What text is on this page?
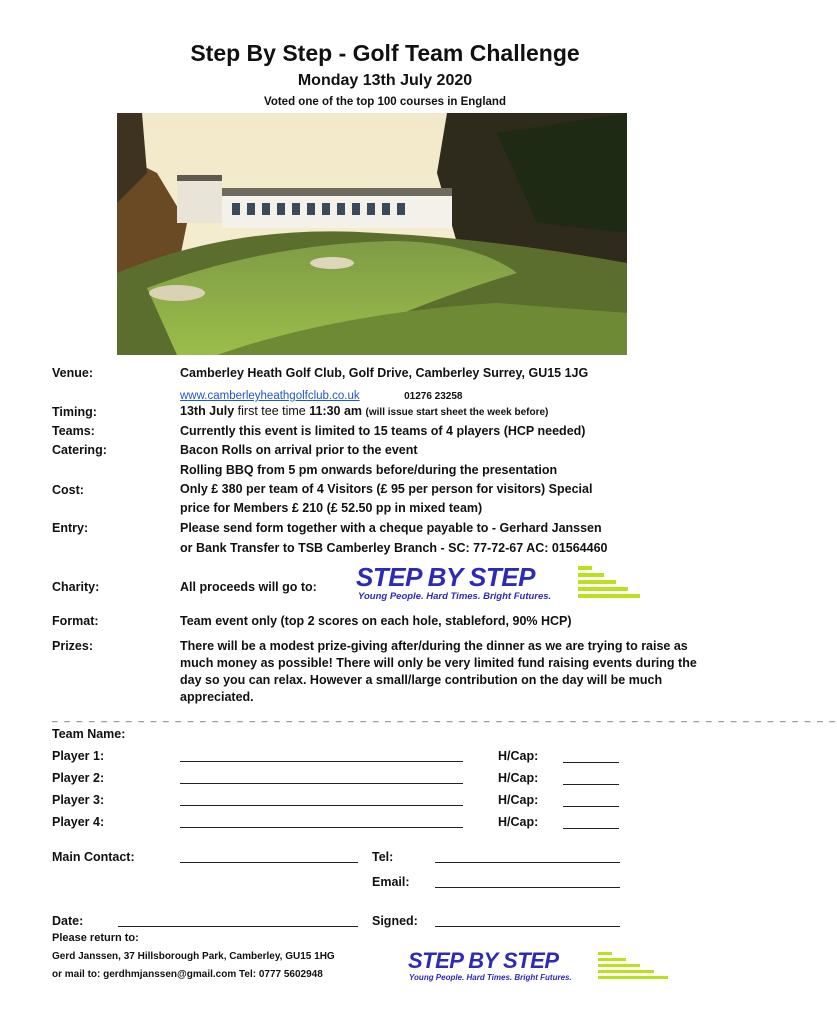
Step By Step - Golf Team Challenge
Monday 13th July 2020
Voted one of the top 100 courses in England
Venue:	Camberley Heath Golf Club, Golf Drive, Camberley Surrey, GU15 1JG
www.camberleyheathgolfclub.co.uk	01276 23258
Timing:	13th July first tee time 11:30 am (will issue start sheet the week before)
Teams:	Currently this event is limited to 15 teams of 4 players (HCP needed)
Catering:	Bacon Rolls on arrival prior to the event
Rolling BBQ from 5 pm onwards before/during the presentation
Cost:	Only £ 380 per team of 4 Visitors (£ 95 per person for visitors) Special
price for Members £ 210 (£ 52.50 pp in mixed team)
Entry:	Please send form together with a cheque payable to - Gerhard Janssen
or Bank Transfer to TSB Camberley Branch - SC: 77-72-67 AC: 01564460
Charity:	All proceeds will go to: STEP BY STEP
Young People. Hard Times. Bright Futures.
Format:	Team event only (top 2 scores on each hole, stableford, 90% HCP)
Prizes:	There will be a modest prize-giving after/during the dinner as we are trying to raise as much money as possible! There will only be very limited fund raising events during the day so you can relax. However a small/large contribution on the day will be much appreciated.
_ _ _ _ _ _ _ _ _ _ _ _ _ _ _ _ _ _ _ _ _ _ _ _ _ _ _ _ _ _ _ _ _ _ _ _ _ _ _ _ _ _ _ _ _ _ _ _ _ _ _ _ _ _ _ _ _ _ _ _ _ _ _ _
Team Name:
Player 1:	H/Cap:
Player 2:	H/Cap:
Player 3:	H/Cap:
Player 4:	H/Cap:
Main Contact:	Tel:
Email:
Date:	Signed:
Please return to:
Gerd Janssen, 37 Hillsborough Park, Camberley, GU15 1HG
or mail to: gerdhmjanssen@gmail.com Tel: 0777 5602948
STEP BY STEP
Young People. Hard Times. Bright Futures.
